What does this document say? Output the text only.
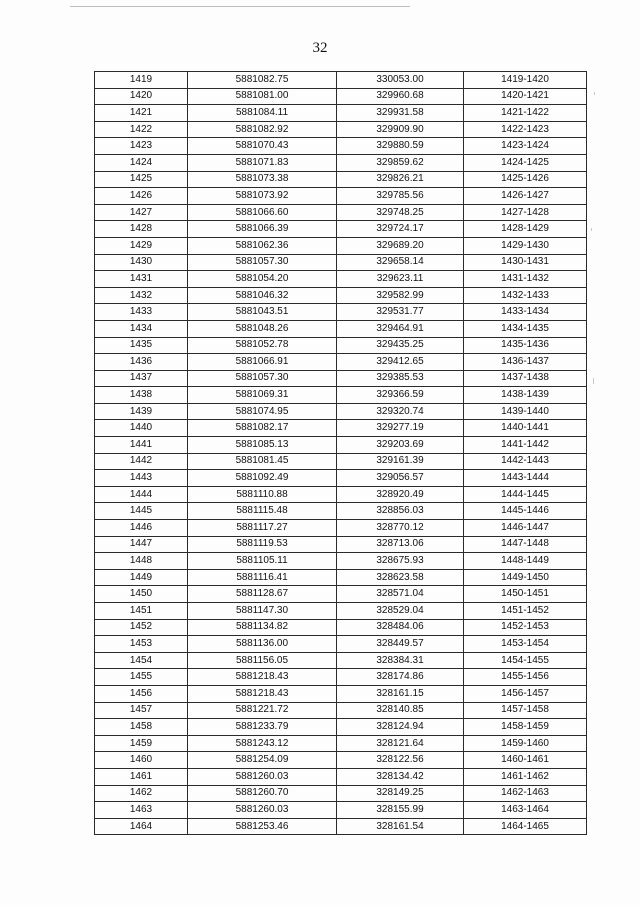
32
1419	5881082.75	330053.00	1419-1420
1420	5881081.00	329960.68	1420-1421
1421	5881084.11	329931.58	1421-1422
1422	5881082.92	329909.90	1422-1423
1423	5881070.43	329880.59	1423-1424
1424	5881071.83	329859.62	1424-1425
1425	5881073.38	329826.21	1425-1426
1426	5881073.92	329785.56	1426-1427
1427	5881066.60	329748.25	1427-1428
1428	5881066.39	329724.17	1428-1429
1429	5881062.36	329689.20	1429-1430
1430	5881057.30	329658.14	1430-1431
1431	5881054.20	329623.11	1431-1432
1432	5881046.32	329582.99	1432-1433
1433	5881043.51	329531.77	1433-1434
1434	5881048.26	329464.91	1434-1435
1435	5881052.78	329435.25	1435-1436
1436	5881066.91	329412.65	1436-1437
1437	5881057.30	329385.53	1437-1438
1438	5881069.31	329366.59	1438-1439
1439	5881074.95	329320.74	1439-1440
1440	5881082.17	329277.19	1440-1441
1441	5881085.13	329203.69	1441-1442
1442	5881081.45	329161.39	1442-1443
1443	5881092.49	329056.57	1443-1444
1444	5881110.88	328920.49	1444-1445
1445	5881115.48	328856.03	1445-1446
1446	5881117.27	328770.12	1446-1447
1447	5881119.53	328713.06	1447-1448
1448	5881105.11	328675.93	1448-1449
1449	5881116.41	328623.58	1449-1450
1450	5881128.67	328571.04	1450-1451
1451	5881147.30	328529.04	1451-1452
1452	5881134.82	328484.06	1452-1453
1453	5881136.00	328449.57	1453-1454
1454	5881156.05	328384.31	1454-1455
1455	5881218.43	328174.86	1455-1456
1456	5881218.43	328161.15	1456-1457
1457	5881221.72	328140.85	1457-1458
1458	5881233.79	328124.94	1458-1459
1459	5881243.12	328121.64	1459-1460
1460	5881254.09	328122.56	1460-1461
1461	5881260.03	328134.42	1461-1462
1462	5881260.70	328149.25	1462-1463
1463	5881260.03	328155.99	1463-1464
1464	5881253.46	328161.54	1464-1465
